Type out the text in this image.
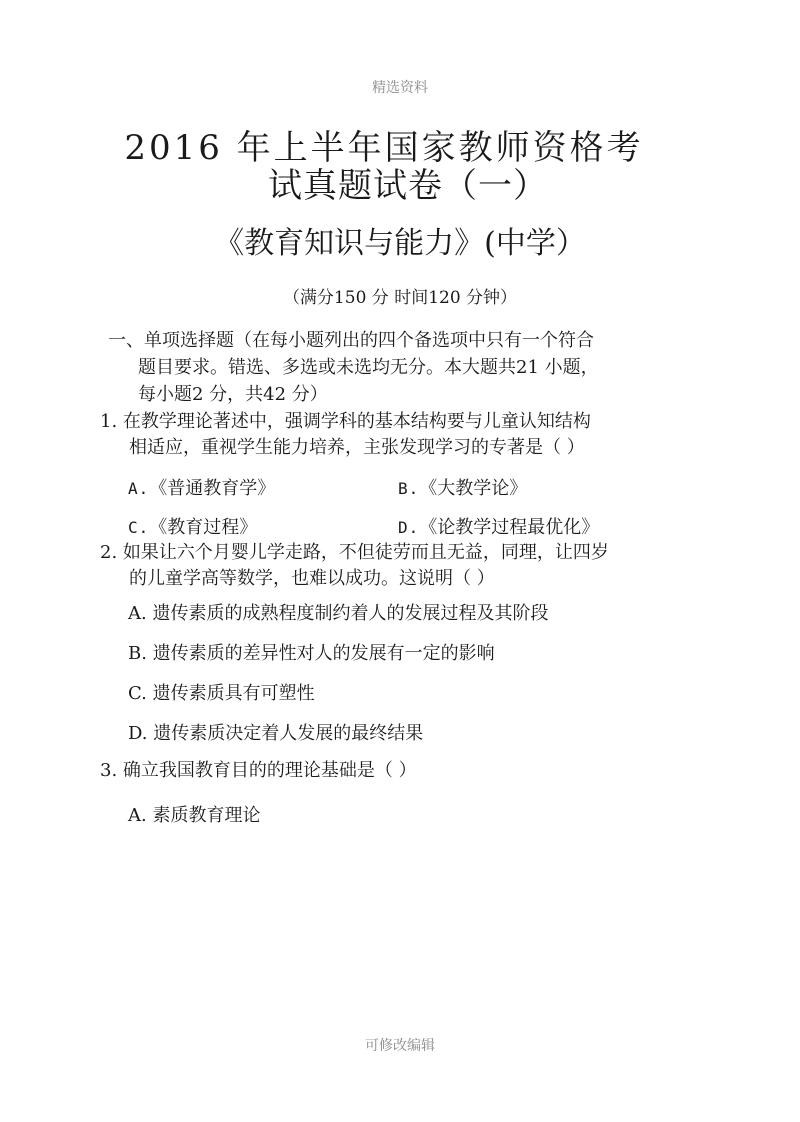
精选资料
2016 年上半年国家教师资格考
试真题试卷（一）
《教育知识与能力》(中学）
（满分150 分 时间120 分钟）
一、单项选择题（在每小题列出的四个备选项中只有一个符合
题目要求。错选、多选或未选均无分。本大题共21 小题，
每小题2 分，共42 分）
1. 在教学理论著述中，强调学科的基本结构要与儿童认知结构
相适应，重视学生能力培养，主张发现学习的专著是（ ）
A.《普通教育学》	B.《大教学论》
C.《教育过程》	D.《论教学过程最优化》
2. 如果让六个月婴儿学走路，不但徒劳而且无益，同理，让四岁
的儿童学高等数学，也难以成功。这说明（ ）
A. 遗传素质的成熟程度制约着人的发展过程及其阶段
B. 遗传素质的差异性对人的发展有一定的影响
C. 遗传素质具有可塑性
D. 遗传素质决定着人发展的最终结果
3. 确立我国教育目的的理论基础是（ ）
A. 素质教育理论
可修改编辑
